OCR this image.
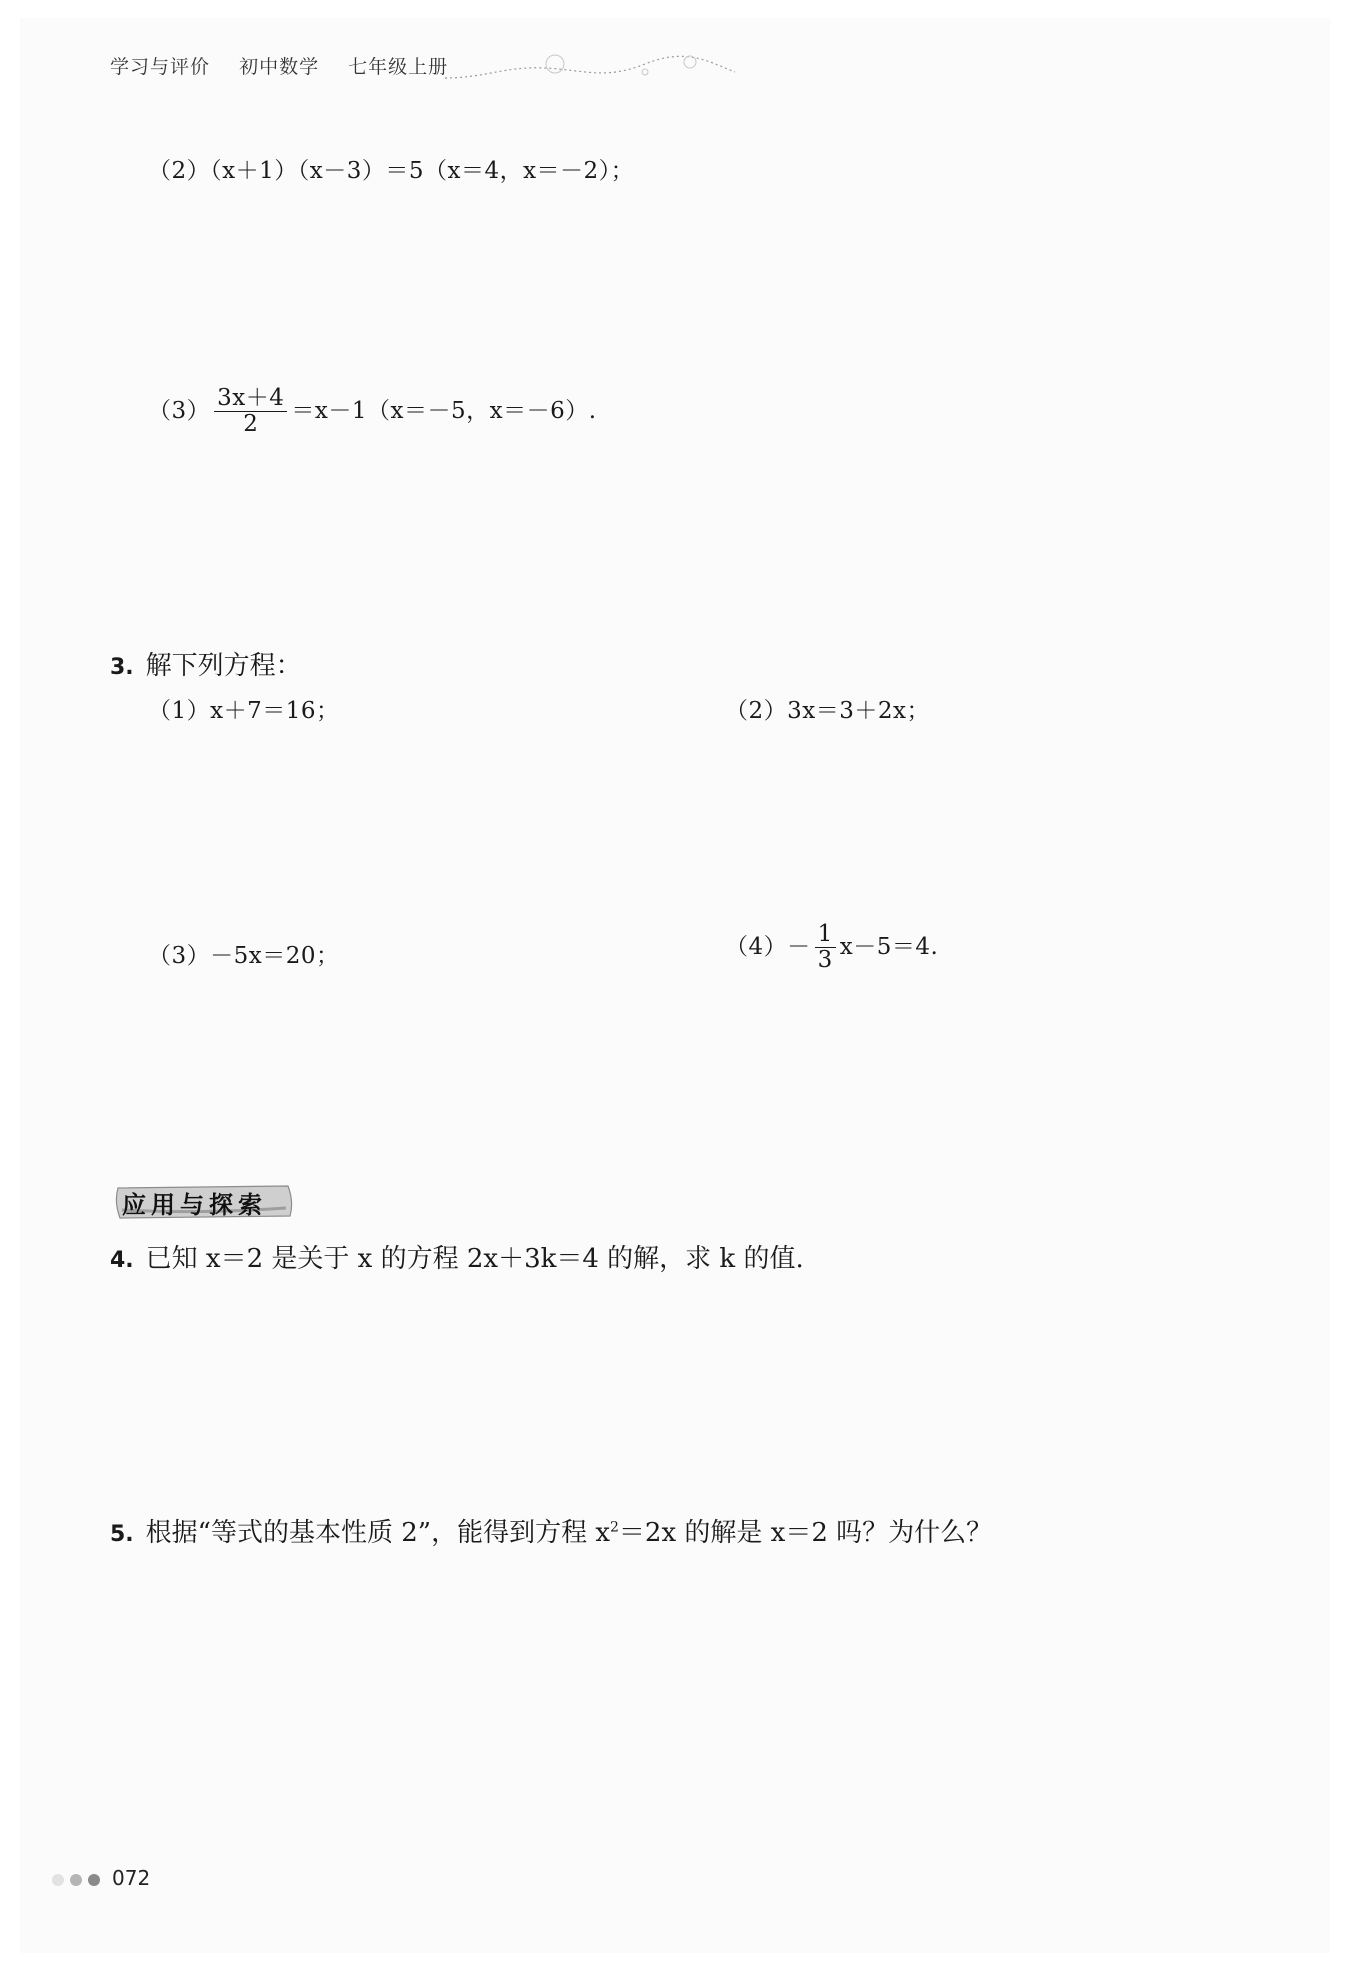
学习与评价 初中数学 七年级上册
（2）（x＋1）（x－3）＝5（x＝4，x＝－2）；
$(3) \frac{3x+4}{2} =x-1(x=-5$，x＝－6）.
3. 解下列方程：
（1）x＋7＝16；	（2）3x＝3＋2x；
（3）－5x＝20；	$(4)- \frac{1}{3} x-5=4$.
应用与探索
4. 已知 x＝2 是关于 x 的方程 2x＋3k＝4 的解，求 k 的值.
5. 根据“等式的基本性质 2”，能得到方程 $x^2=2x$ 的解是 x＝2 吗？为什么？
072
